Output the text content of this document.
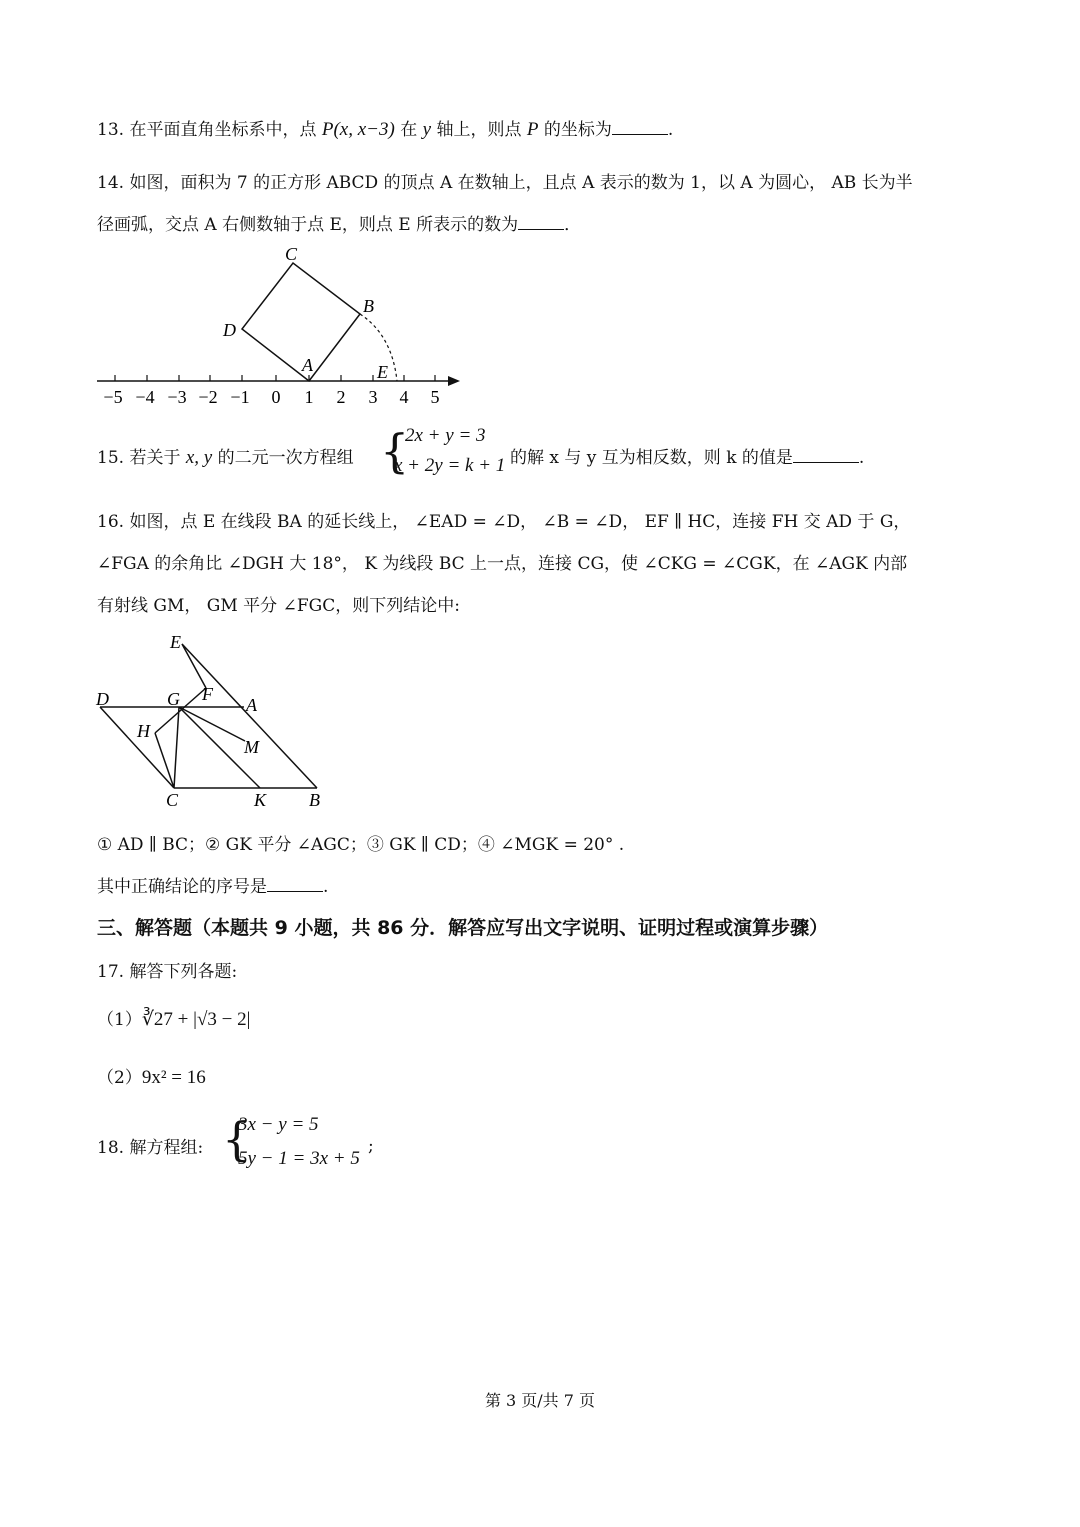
13. 在平面直角坐标系中，点 P(x, x−3) 在 y 轴上，则点 P 的坐标为	.
14. 如图，面积为 7 的正方形 ABCD 的顶点 A 在数轴上，且点 A 表示的数为 1，以 A 为圆心， AB 长为半
径画弧，交点 A 右侧数轴于点 E，则点 E 所表示的数为	．
C
B
D
A	E
−5 −4 −3 −2 −1 0 1 2 3 4 5
15. 若关于 x, y 的二元一次方程组 {
2x + y = 3
x + 2y = k + 1 的解 x 与 y 互为相反数，则 k 的值是	.
16. 如图，点 E 在线段 BA 的延长线上， ∠EAD = ∠D， ∠B = ∠D， EF ∥ HC，连接 FH 交 AD 于 G，
∠FGA 的余角比 ∠DGH 大 18°， K 为线段 BC 上一点，连接 CG，使 ∠CKG = ∠CGK，在 ∠AGK 内部
有射线 GM， GM 平分 ∠FGC，则下列结论中:
E
D	G F
A
H
M
C	K B
① AD ∥ BC；② GK 平分 ∠AGC；③ GK ∥ CD；④ ∠MGK = 20° .
其中正确结论的序号是	.
三、解答题（本题共 9 小题，共 86 分．解答应写出文字说明、证明过程或演算步骤）
17. 解答下列各题:
（1）∛27 + |√3 − 2|
（2）9x² = 16
18. 解方程组: {
3x − y = 5
5y − 1 = 3x + 5
;
第 3 页/共 7 页
